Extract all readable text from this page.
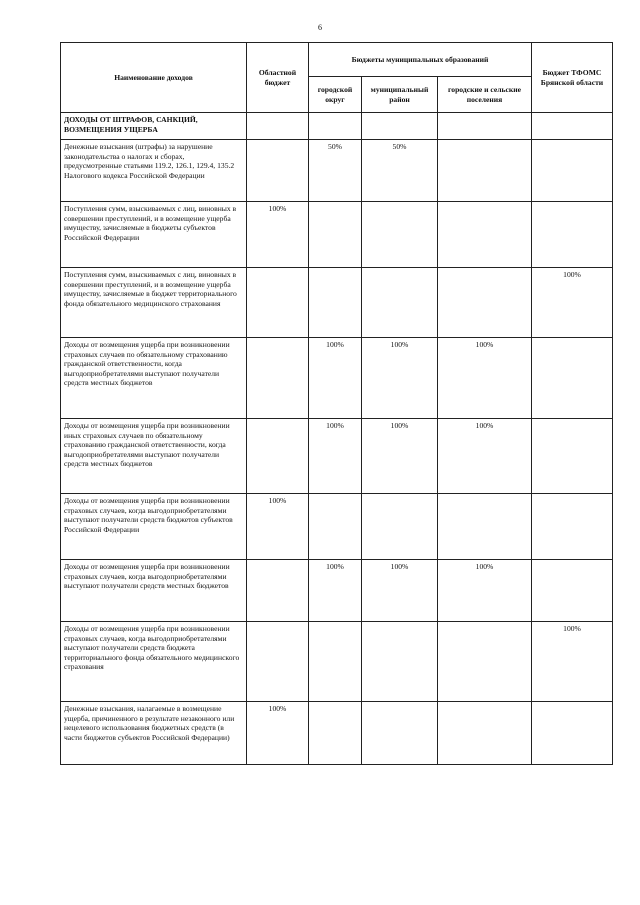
6
Наименование доходов	Областной бюджет	Бюджеты муниципальных образований			Бюджет ТФОМС Брянской области
		городской округ	муниципальный район	городские и сельские поселения	
ДОХОДЫ ОТ ШТРАФОВ, САНКЦИЙ, ВОЗМЕЩЕНИЯ УЩЕРБА					
Денежные взыскания (штрафы) за нарушение законодательства о налогах и сборах, предусмотренные статьями 119.2, 126.1, 129.4, 135.2 Налогового кодекса Российской Федерации		50%	50%		
Поступления сумм, взыскиваемых с лиц, виновных в совершении преступлений, и в возмещение ущерба имуществу, зачисляемые в бюджеты субъектов Российской Федерации	100%				
Поступления сумм, взыскиваемых с лиц, виновных в совершении преступлений, и в возмещение ущерба имуществу, зачисляемые в бюджет территориального фонда обязательного медицинского страхования					100%
Доходы от возмещения ущерба при возникновении страховых случаев по обязательному страхованию гражданской ответственности, когда выгодоприобретателями выступают получатели средств местных бюджетов		100%	100%	100%	
Доходы от возмещения ущерба при возникновении иных страховых случаев по обязательному страхованию гражданской ответственности, когда выгодоприобретателями выступают получатели средств местных бюджетов		100%	100%	100%	
Доходы от возмещения ущерба при возникновении страховых случаев, когда выгодоприобретателями выступают получатели средств бюджетов субъектов Российской Федерации	100%				
Доходы от возмещения ущерба при возникновении страховых случаев, когда выгодоприобретателями выступают получатели средств местных бюджетов		100%	100%	100%	
Доходы от возмещения ущерба при возникновении страховых случаев, когда выгодоприобретателями выступают получатели средств бюджета территориального фонда обязательного медицинского страхования					100%
Денежные взыскания, налагаемые в возмещение ущерба, причиненного в результате незаконного или нецелевого использования бюджетных средств (в части бюджетов субъектов Российской Федерации)	100%				
